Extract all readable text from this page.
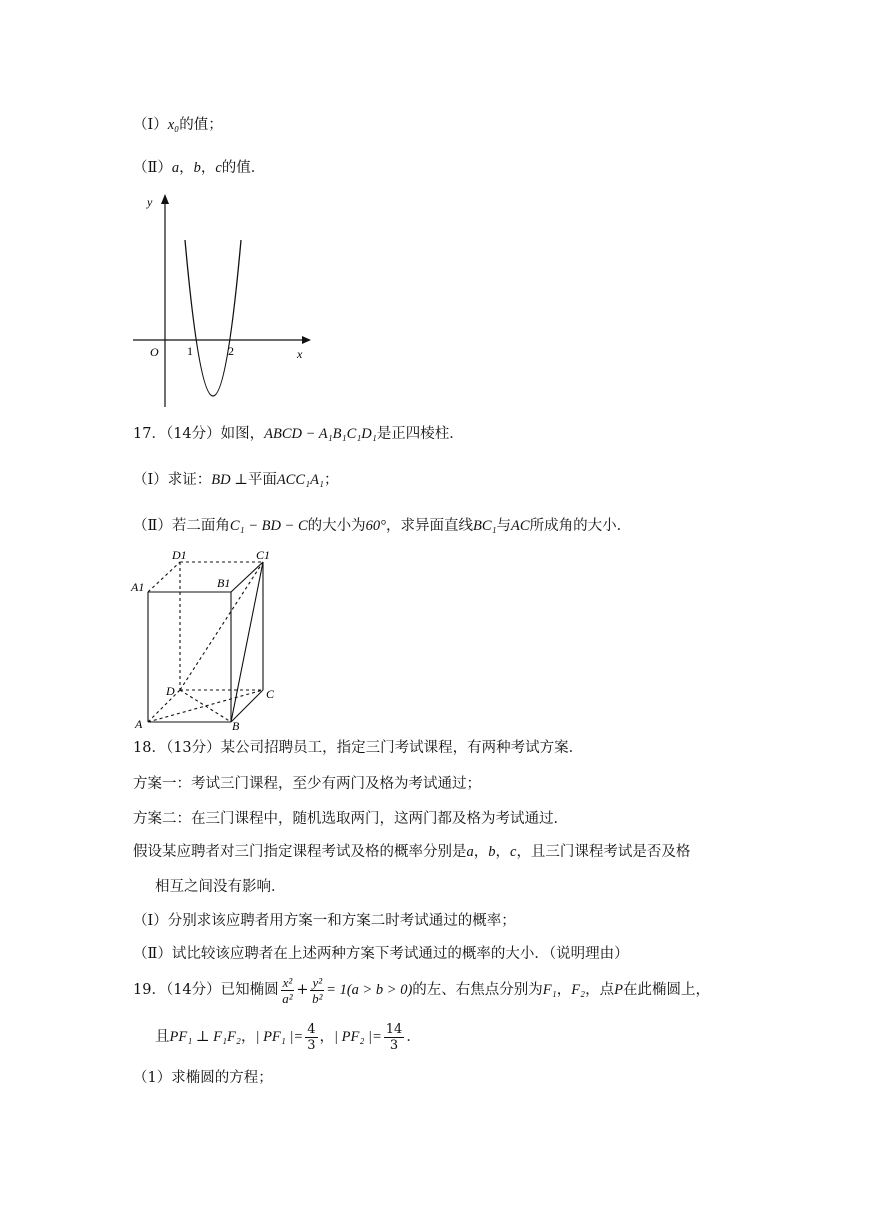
（Ⅰ）x₀的值；
（Ⅱ）a，b，c的值．
y
x
O 1	2
17．（14分）如图，ABCD − A₁B₁C₁D₁是正四棱柱．
（Ⅰ）求证：BD ⊥平面ACC₁A₁；
（Ⅱ）若二面角C₁ − BD − C的大小为60°，求异面直线BC₁与AC所成角的大小．
D1	C1
A1	B1
D	C
A	B
18．（13分）某公司招聘员工，指定三门考试课程，有两种考试方案．
方案一：考试三门课程，至少有两门及格为考试通过；
方案二：在三门课程中，随机选取两门，这两门都及格为考试通过．
假设某应聘者对三门指定课程考试及格的概率分别是a，b，c，且三门课程考试是否及格
相互之间没有影响．
（Ⅰ）分别求该应聘者用方案一和方案二时考试通过的概率；
（Ⅱ）试比较该应聘者在上述两种方案下考试通过的概率的大小．（说明理由）
19．（14分）已知椭圆 $\frac{\text{x²}}{\text{a²}} + \frac{\text{y²}}{\text{b²}} = 1(a > b > 0)$的左、右焦点分别为F₁，F₂，点P在此椭圆上，
且PF₁ ⊥ F₁F₂，| PF₁ |= $\frac{4}{3}$ ，| PF₂ |= $\frac{14}{3}$ ．
（1）求椭圆的方程；
